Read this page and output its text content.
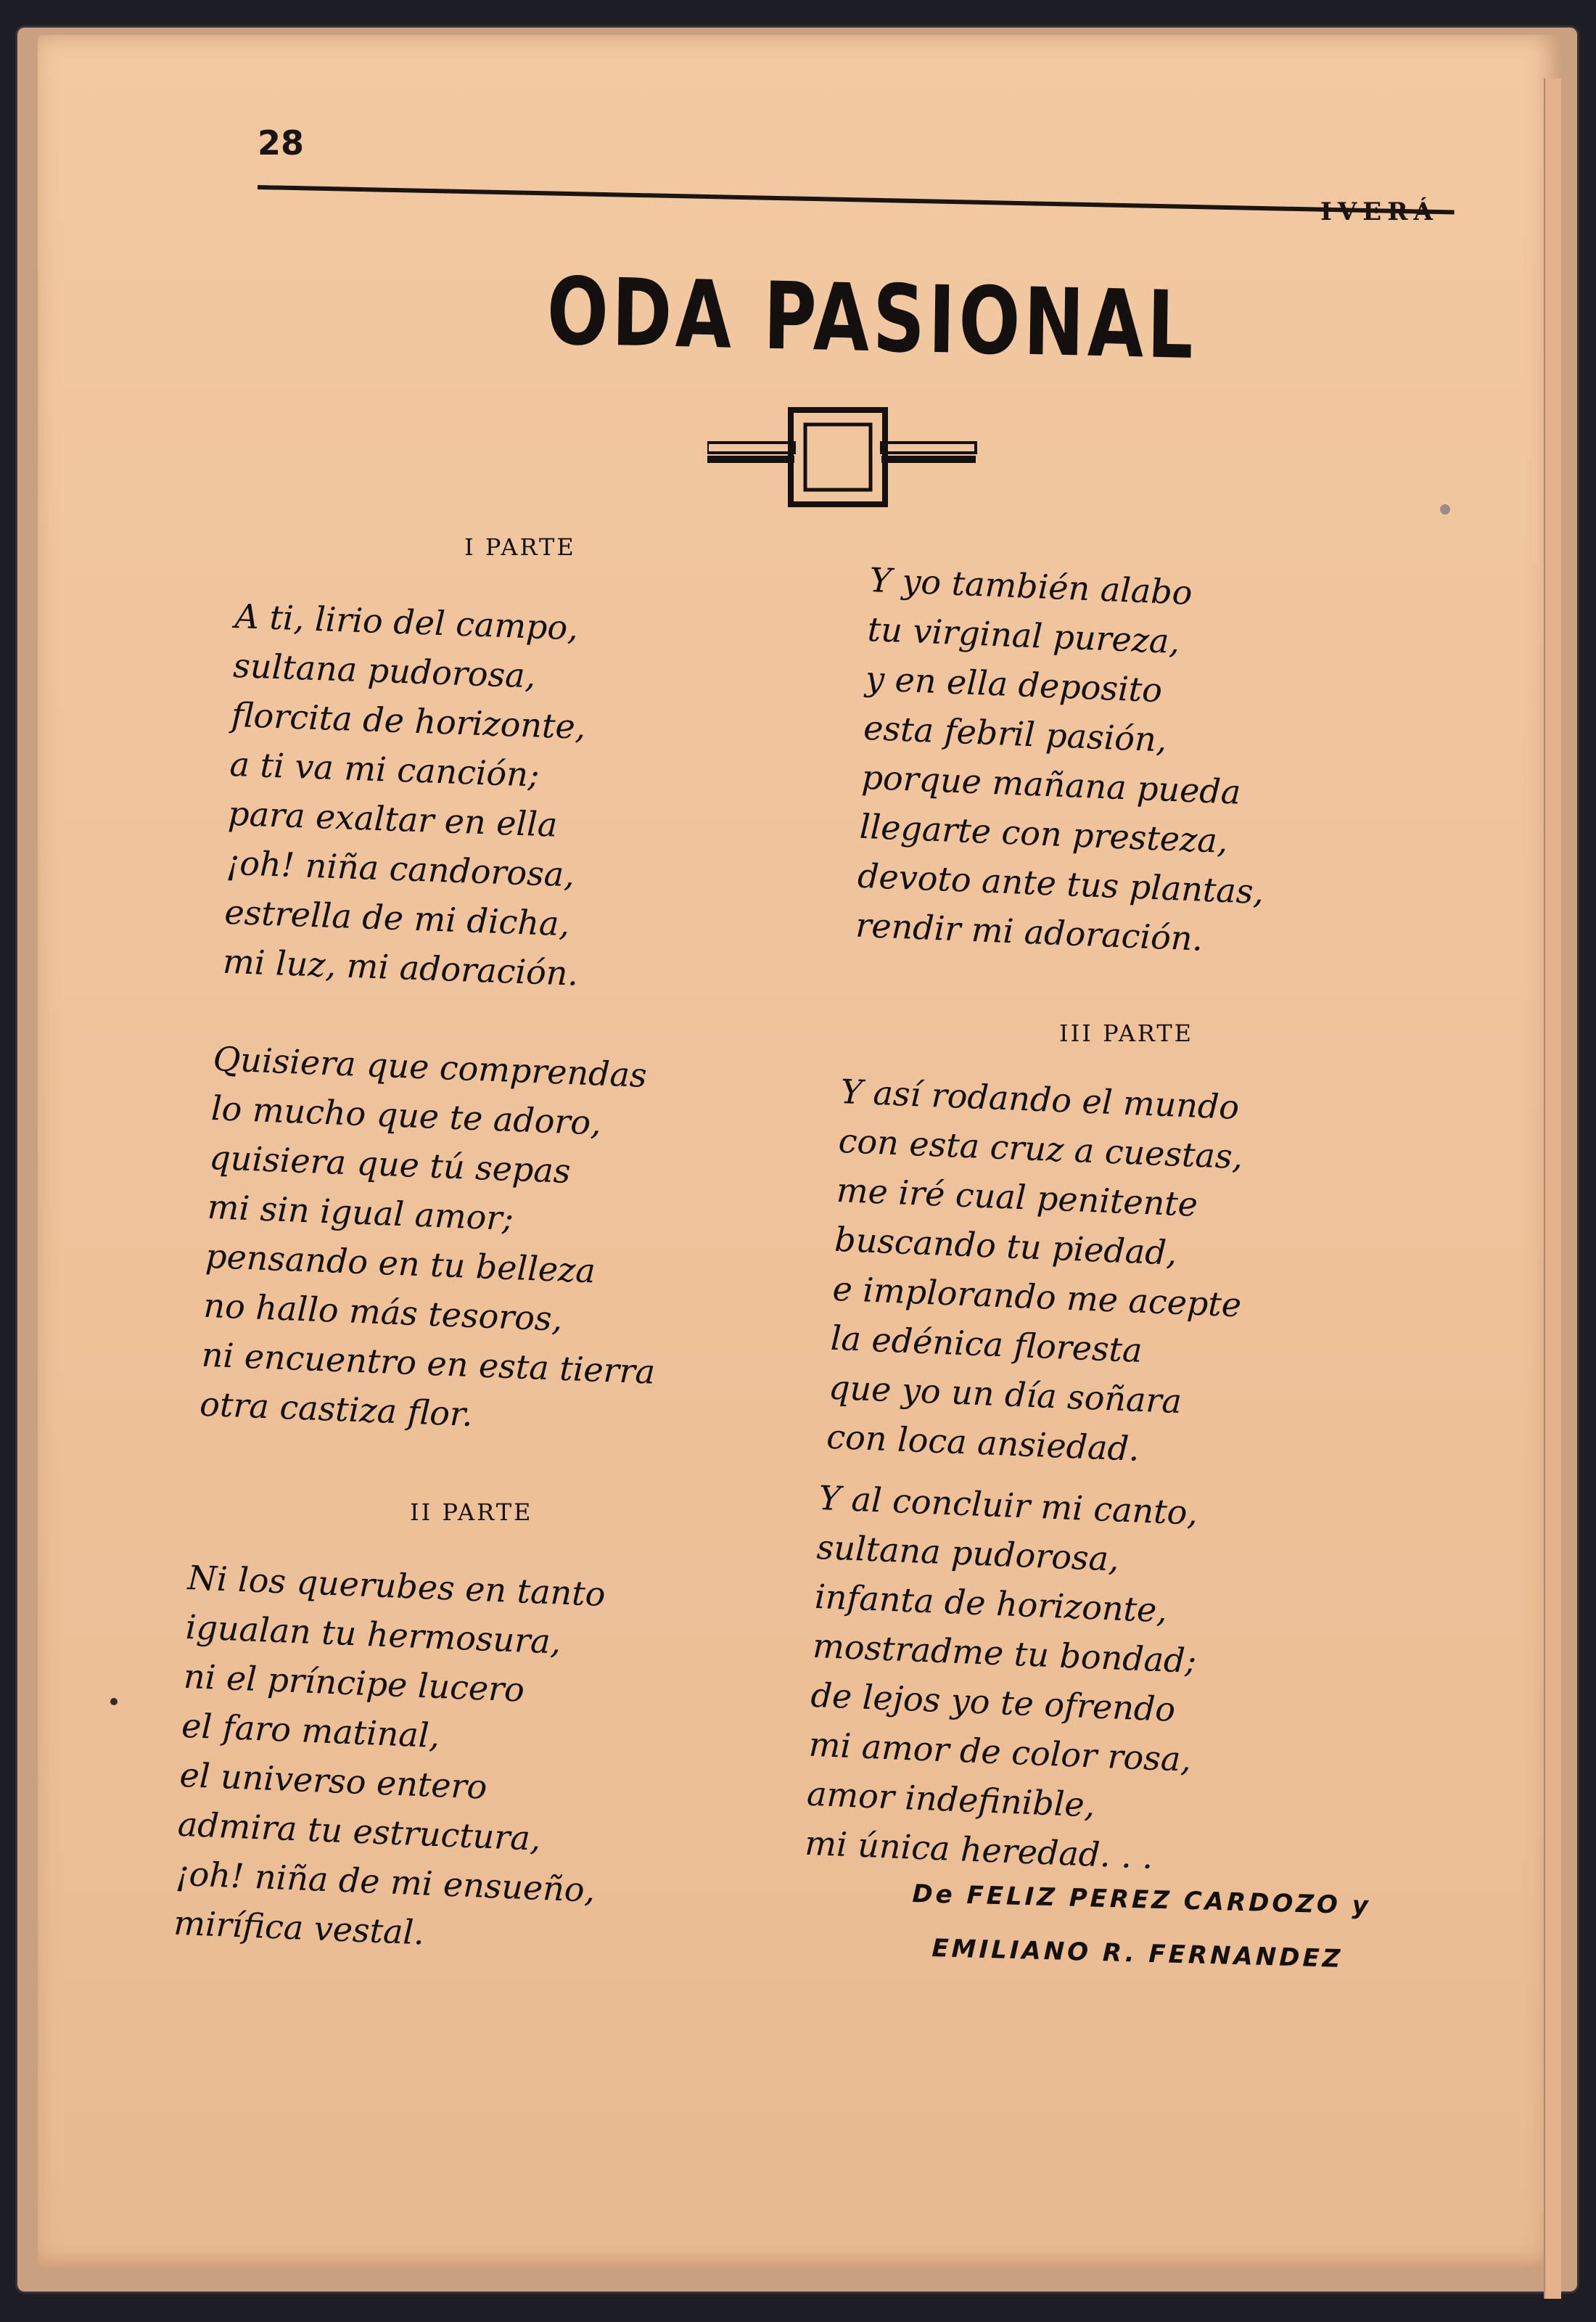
28
IVERÁ
ODA PASIONAL
I PARTE
A ti, lirio del campo,
sultana pudorosa,
florcita de horizonte,
a ti va mi canción;
para exaltar en ella
¡oh! niña candorosa,
estrella de mi dicha,
mi luz, mi adoración.
Quisiera que comprendas
lo mucho que te adoro,
quisiera que tú sepas
mi sin igual amor;
pensando en tu belleza
no hallo más tesoros,
ni encuentro en esta tierra
otra castiza flor.
II PARTE
Ni los querubes en tanto
igualan tu hermosura,
ni el príncipe lucero
el faro matinal,
el universo entero
admira tu estructura,
¡oh! niña de mi ensueño,
mirífica vestal.
Y yo también alabo
tu virginal pureza,
y en ella deposito
esta febril pasión,
porque mañana pueda
llegarte con presteza,
devoto ante tus plantas,
rendir mi adoración.
III PARTE
Y así rodando el mundo
con esta cruz a cuestas,
me iré cual penitente
buscando tu piedad,
e implorando me acepte
la edénica floresta
que yo un día soñara
con loca ansiedad.
Y al concluir mi canto,
sultana pudorosa,
infanta de horizonte,
mostradme tu bondad;
de lejos yo te ofrendo
mi amor de color rosa,
amor indefinible,
mi única heredad. . .
De FELIZ PEREZ CARDOZO y
EMILIANO R. FERNANDEZ
